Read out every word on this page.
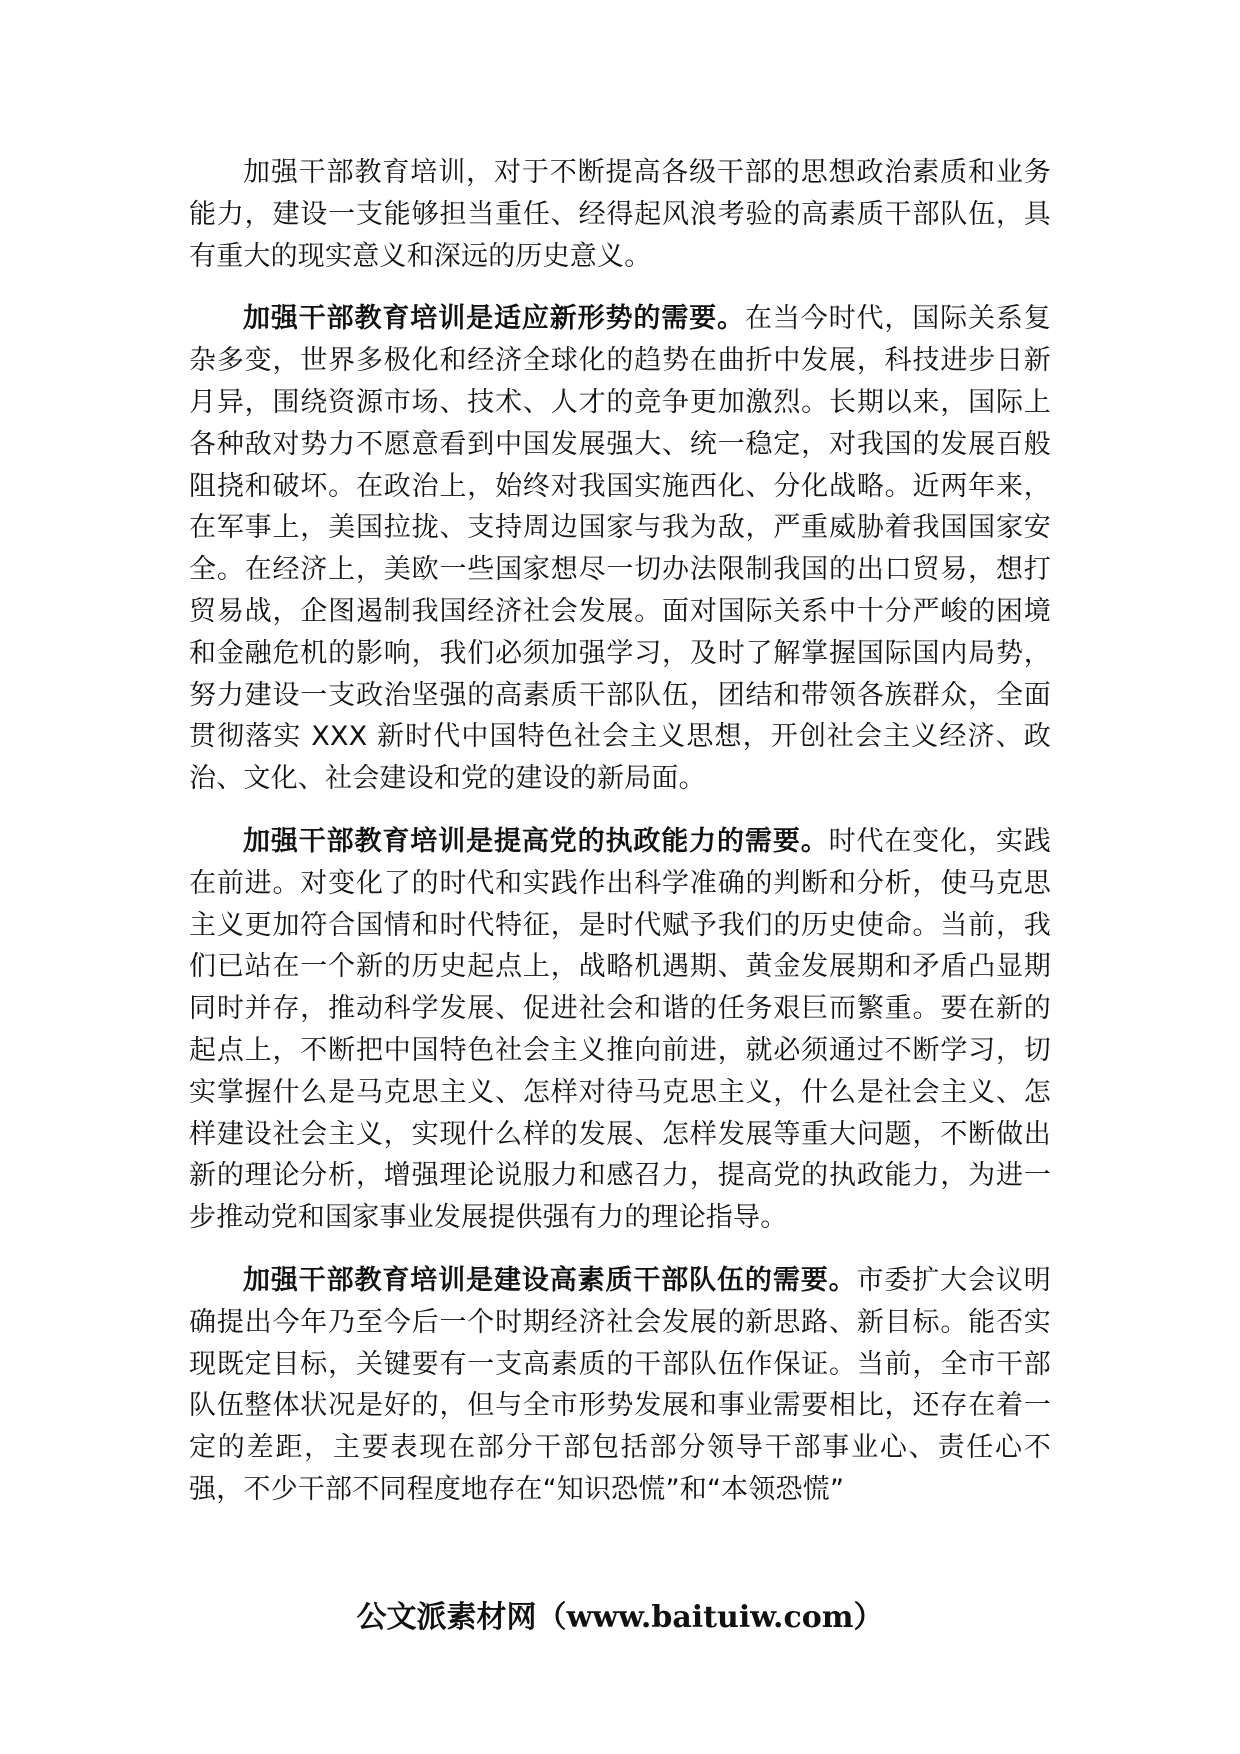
加强干部教育培训，对于不断提高各级干部的思想政治素质和业务能力，建设一支能够担当重任、经得起风浪考验的高素质干部队伍，具有重大的现实意义和深远的历史意义。

加强干部教育培训是适应新形势的需要。在当今时代，国际关系复杂多变，世界多极化和经济全球化的趋势在曲折中发展，科技进步日新月异，围绕资源市场、技术、人才的竞争更加激烈。长期以来，国际上各种敌对势力不愿意看到中国发展强大、统一稳定，对我国的发展百般阻挠和破坏。在政治上，始终对我国实施西化、分化战略。近两年来，在军事上，美国拉拢、支持周边国家与我为敌，严重威胁着我国国家安全。在经济上，美欧一些国家想尽一切办法限制我国的出口贸易，想打贸易战，企图遏制我国经济社会发展。面对国际关系中十分严峻的困境和金融危机的影响，我们必须加强学习，及时了解掌握国际国内局势，努力建设一支政治坚强的高素质干部队伍，团结和带领各族群众，全面贯彻落实 XXX 新时代中国特色社会主义思想，开创社会主义经济、政治、文化、社会建设和党的建设的新局面。

加强干部教育培训是提高党的执政能力的需要。时代在变化，实践在前进。对变化了的时代和实践作出科学准确的判断和分析，使马克思主义更加符合国情和时代特征，是时代赋予我们的历史使命。当前，我们已站在一个新的历史起点上，战略机遇期、黄金发展期和矛盾凸显期同时并存，推动科学发展、促进社会和谐的任务艰巨而繁重。要在新的起点上，不断把中国特色社会主义推向前进，就必须通过不断学习，切实掌握什么是马克思主义、怎样对待马克思主义，什么是社会主义、怎样建设社会主义，实现什么样的发展、怎样发展等重大问题，不断做出新的理论分析，增强理论说服力和感召力，提高党的执政能力，为进一步推动党和国家事业发展提供强有力的理论指导。

加强干部教育培训是建设高素质干部队伍的需要。市委扩大会议明确提出今年乃至今后一个时期经济社会发展的新思路、新目标。能否实现既定目标，关键要有一支高素质的干部队伍作保证。当前，全市干部队伍整体状况是好的，但与全市形势发展和事业需要相比，还存在着一定的差距，主要表现在部分干部包括部分领导干部事业心、责任心不强，不少干部不同程度地存在“知识恐慌”和“本领恐慌”

公文派素材网（www.baituiw.com）
